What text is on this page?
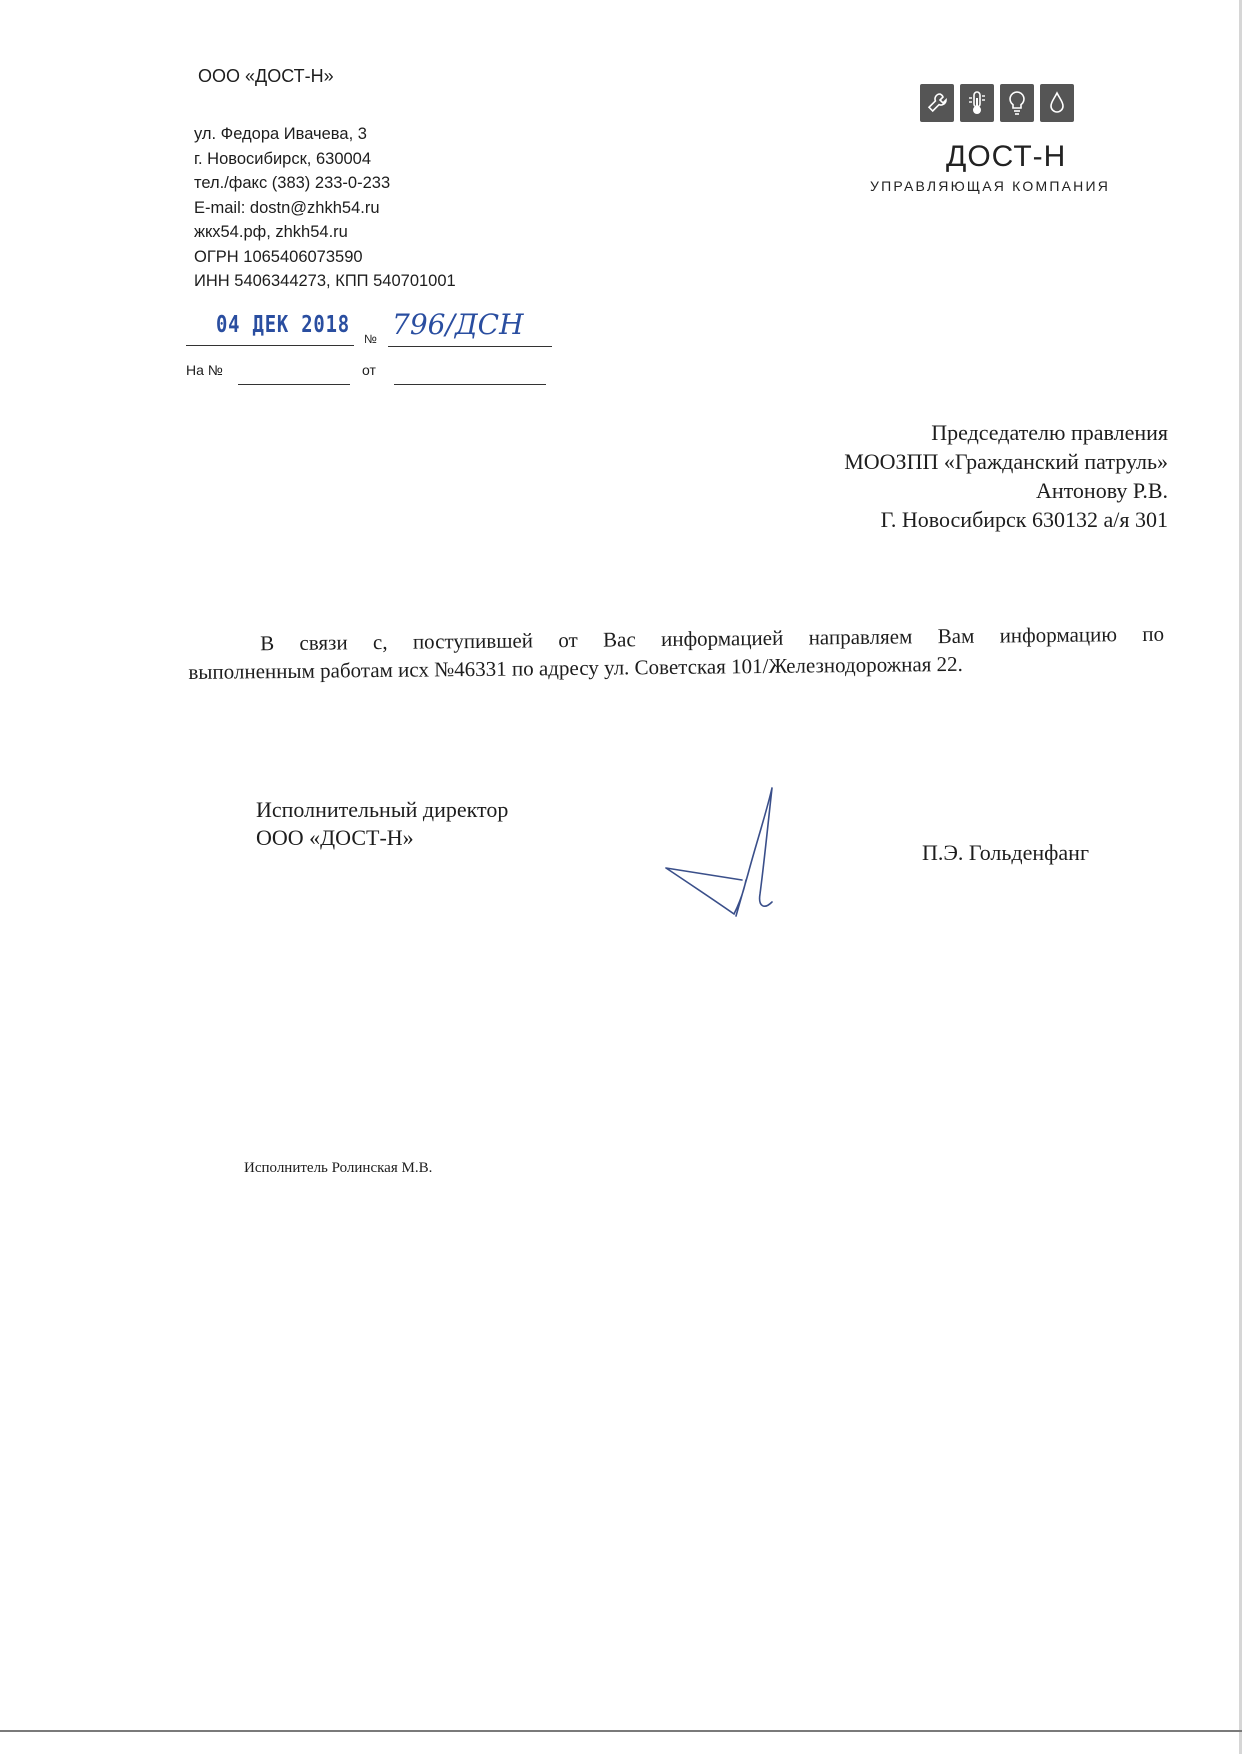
ООО «ДОСТ-Н»
ул. Федора Ивачева, 3
г. Новосибирск, 630004
тел./факс (383) 233-0-233
E-mail: dostn@zhkh54.ru
жкх54.рф, zhkh54.ru
ОГРН 1065406073590
ИНН 5406344273, КПП 540701001
04 ДЕК 2018
№ 796/ДСН
На №	от
ДОСТ-Н
УПРАВЛЯЮЩАЯ КОМПАНИЯ
Председателю правления
МООЗПП «Гражданский патруль»
Антонову Р.В.
Г. Новосибирск 630132 а/я 301
В связи с, поступившей от Вас информацией направляем Вам информацию по
выполненным работам исх №46331 по адресу ул. Советская 101/Железнодорожная 22.
Исполнительный директор
ООО «ДОСТ-Н»
П.Э. Гольденфанг
Исполнитель Ролинская М.В.
